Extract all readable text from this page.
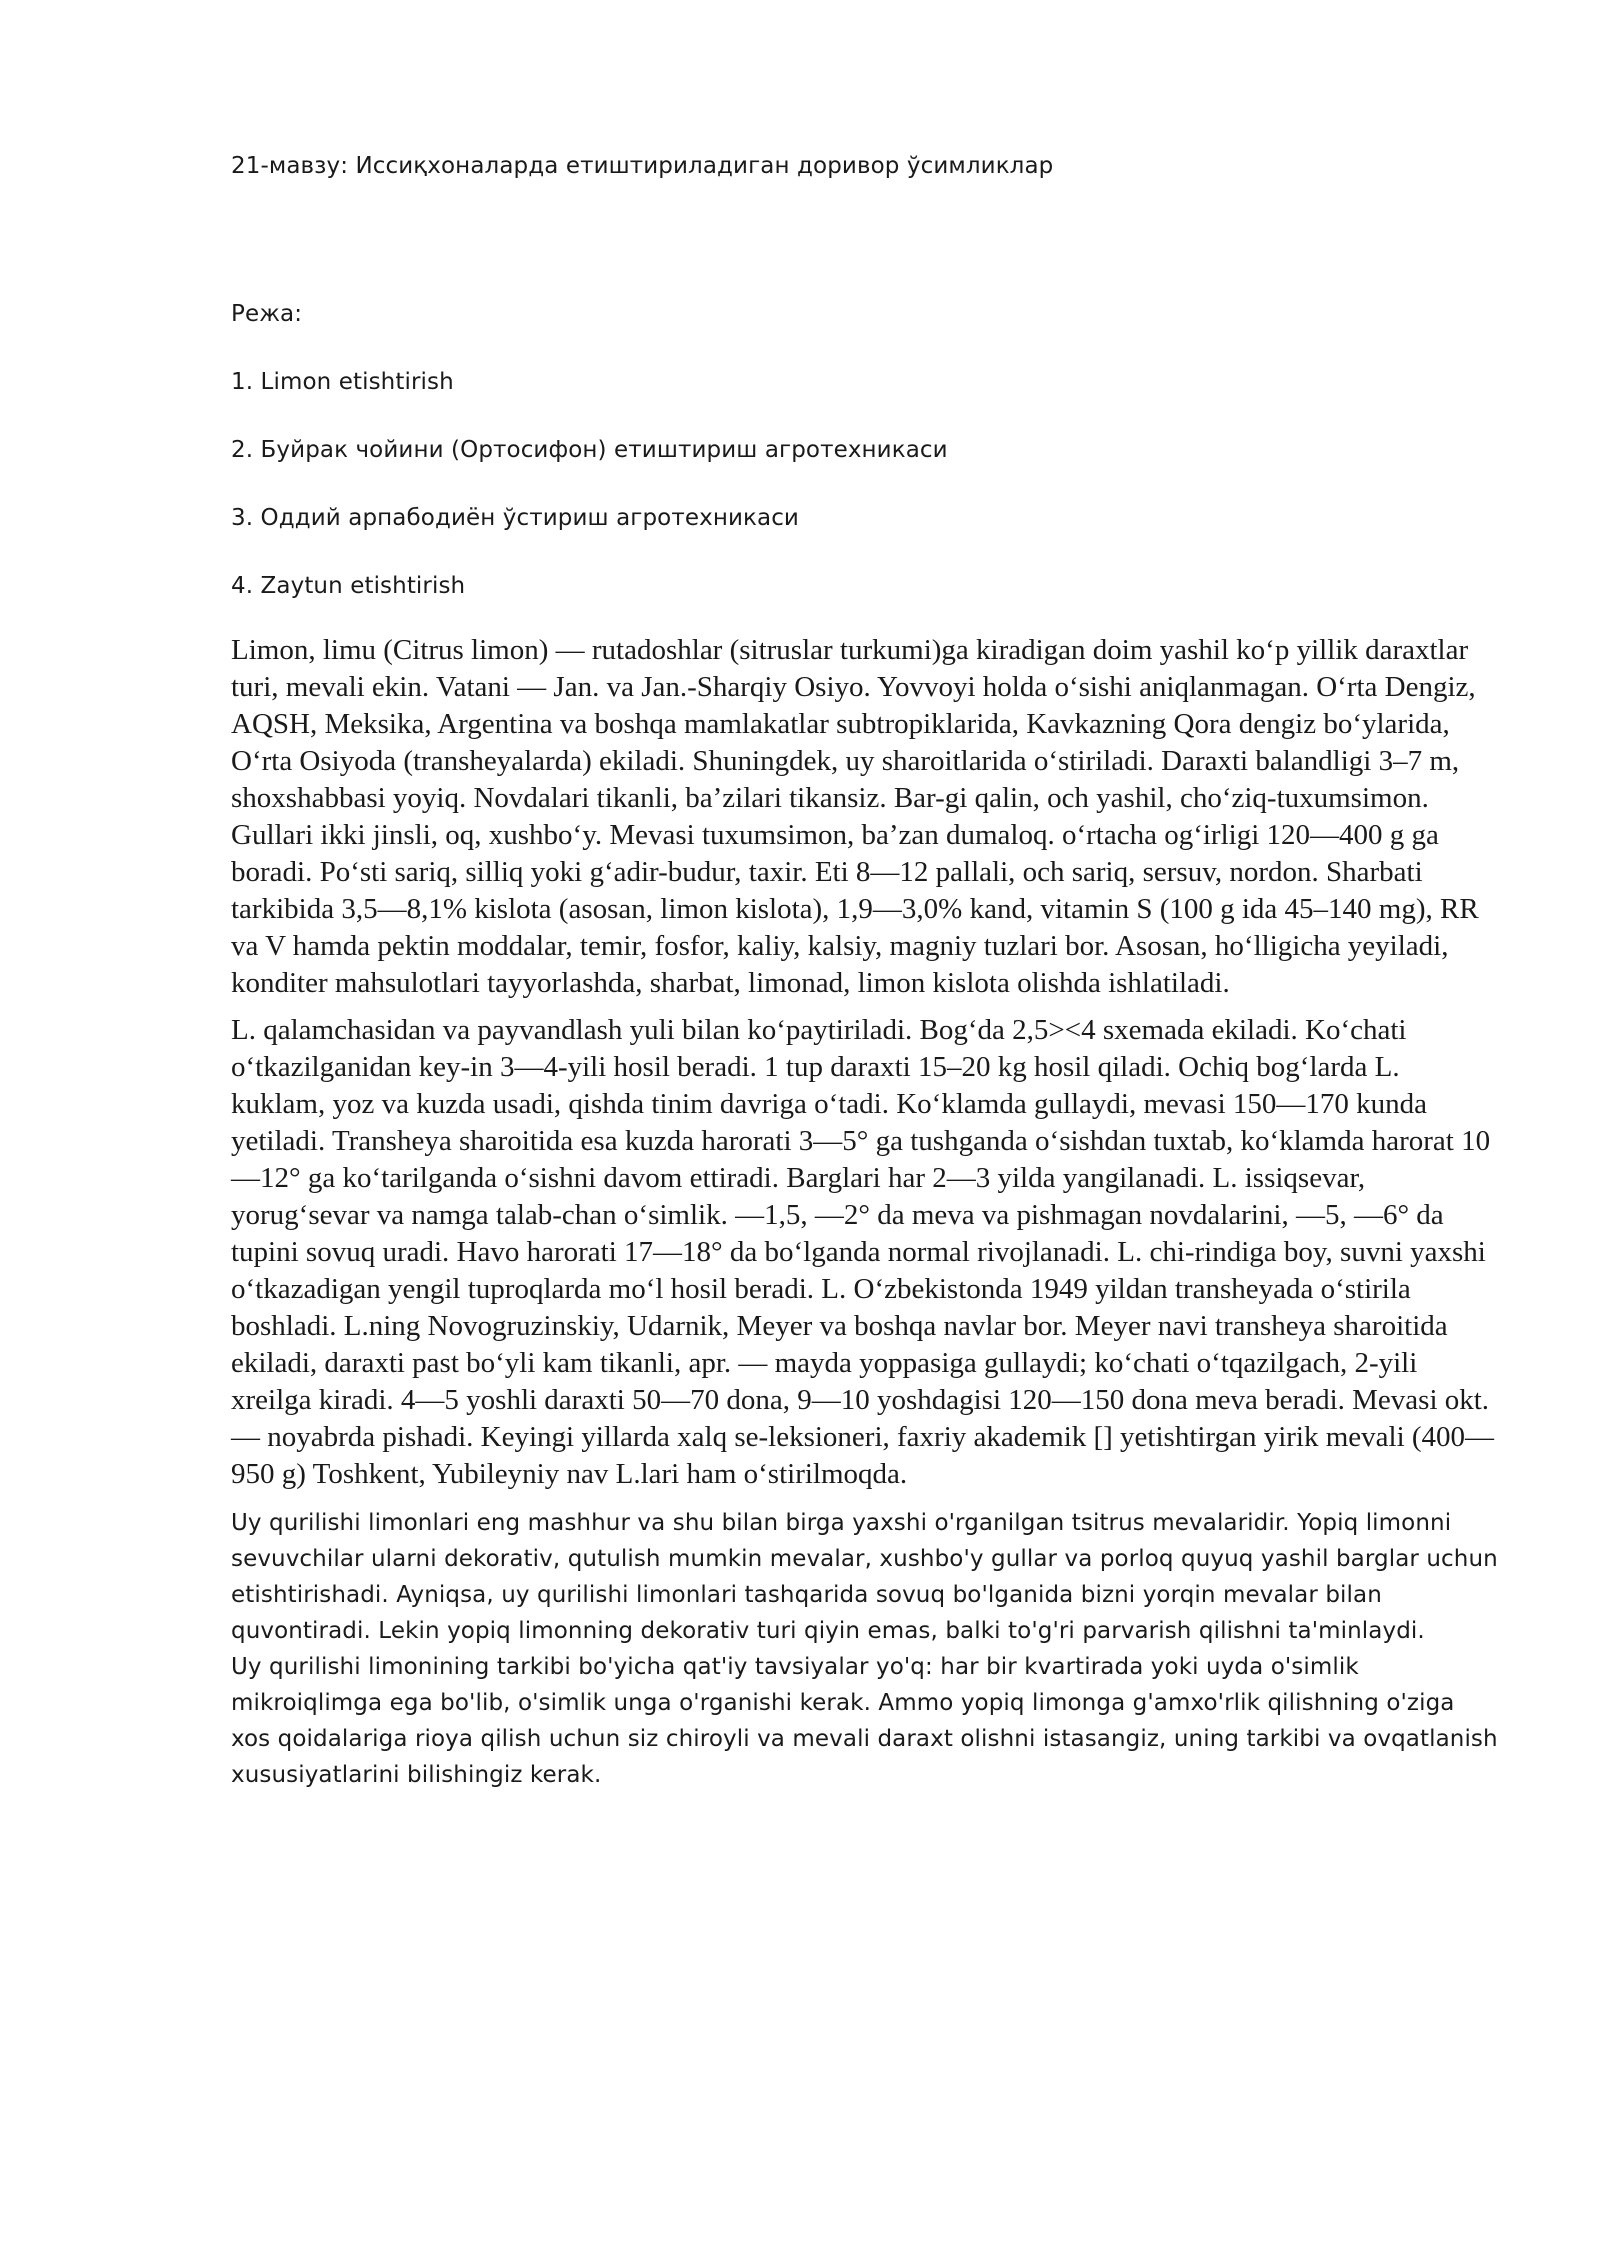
21-мавзу: Иссиқхоналарда етиштириладиган доривор ўсимликлар

Режа:

1. Limon etishtirish
2. Буйрак чойини (Ортосифон) етиштириш агротехникаси
3. Оддий арпабодиён ўстириш агротехникаси
4. Zaytun etishtirish

Limon, limu (Citrus limon) — rutadoshlar (sitruslar turkumi)ga kiradigan doim yashil koʻp yillik daraxtlar turi, mevali ekin. Vatani — Jan. va Jan.-Sharqiy Osiyo. Yovvoyi holda oʻsishi aniqlanmagan. Oʻrta Dengiz, AQSH, Meksika, Argentina va boshqa mamlakatlar subtropiklarida, Kavkazning Qora dengiz boʻylarida, Oʻrta Osiyoda (transheyalarda) ekiladi. Shuningdek, uy sharoitlarida oʻstiriladi. Daraxti balandligi 3–7 m, shoxshabbasi yoyiq. Novdalari tikanli, baʼzilari tikansiz. Bar-gi qalin, och yashil, choʻziq-tuxumsimon. Gullari ikki jinsli, oq, xushboʻy. Mevasi tuxumsimon, baʼzan dumaloq. oʻrtacha ogʻirligi 120—400 g ga boradi. Poʻsti sariq, silliq yoki gʻadir-budur, taxir. Eti 8—12 pallali, och sariq, sersuv, nordon. Sharbati tarkibida 3,5—8,1% kislota (asosan, limon kislota), 1,9—3,0% kand, vitamin S (100 g ida 45–140 mg), RR va V hamda pektin moddalar, temir, fosfor, kaliy, kalsiy, magniy tuzlari bor. Asosan, hoʻlligicha yeyiladi, konditer mahsulotlari tayyorlashda, sharbat, limonad, limon kislota olishda ishlatiladi.

L. qalamchasidan va payvandlash yuli bilan koʻpaytiriladi. Bogʻda 2,5><4 sxemada ekiladi. Koʻchati oʻtkazilganidan key-in 3—4-yili hosil beradi. 1 tup daraxti 15–20 kg hosil qiladi. Ochiq bogʻlarda L. kuklam, yoz va kuzda usadi, qishda tinim davriga oʻtadi. Koʻklamda gullaydi, mevasi 150—170 kunda yetiladi. Transheya sharoitida esa kuzda harorati 3—5° ga tushganda oʻsishdan tuxtab, koʻklamda harorat 10—12° ga koʻtarilganda oʻsishni davom ettiradi. Barglari har 2—3 yilda yangilanadi. L. issiqsevar, yorugʻsevar va namga talab-chan oʻsimlik. —1,5, —2° da meva va pishmagan novdalarini, —5, —6° da tupini sovuq uradi. Havo harorati 17—18° da boʻlganda normal rivojlanadi. L. chi-rindiga boy, suvni yaxshi oʻtkazadigan yengil tuproqlarda moʻl hosil beradi. L. Oʻzbekistonda 1949 yildan transheyada oʻstirila boshladi. L.ning Novogruzinskiy, Udarnik, Meyer va boshqa navlar bor. Meyer navi transheya sharoitida ekiladi, daraxti past boʻyli kam tikanli, apr. — mayda yoppasiga gullaydi; koʻchati oʻtqazilgach, 2-yili xreilga kiradi. 4—5 yoshli daraxti 50—70 dona, 9—10 yoshdagisi 120—150 dona meva beradi. Mevasi okt.— noyabrda pishadi. Keyingi yillarda xalq se-leksioneri, faxriy akademik [] yetishtirgan yirik mevali (400—950 g) Toshkent, Yubileyniy nav L.lari ham oʻstirilmoqda.

Uy qurilishi limonlari eng mashhur va shu bilan birga yaxshi o'rganilgan tsitrus mevalaridir. Yopiq limonni sevuvchilar ularni dekorativ, qutulish mumkin mevalar, xushbo'y gullar va porloq quyuq yashil barglar uchun etishtirishadi. Ayniqsa, uy qurilishi limonlari tashqarida sovuq bo'lganida bizni yorqin mevalar bilan quvontiradi. Lekin yopiq limonning dekorativ turi qiyin emas, balki to'g'ri parvarish qilishni ta'minlaydi.

Uy qurilishi limonining tarkibi bo'yicha qat'iy tavsiyalar yo'q: har bir kvartirada yoki uyda o'simlik mikroiqlimga ega bo'lib, o'simlik unga o'rganishi kerak. Ammo yopiq limonga g'amxo'rlik qilishning o'ziga xos qoidalariga rioya qilish uchun siz chiroyli va mevali daraxt olishni istasangiz, uning tarkibi va ovqatlanish xususiyatlarini bilishingiz kerak.
